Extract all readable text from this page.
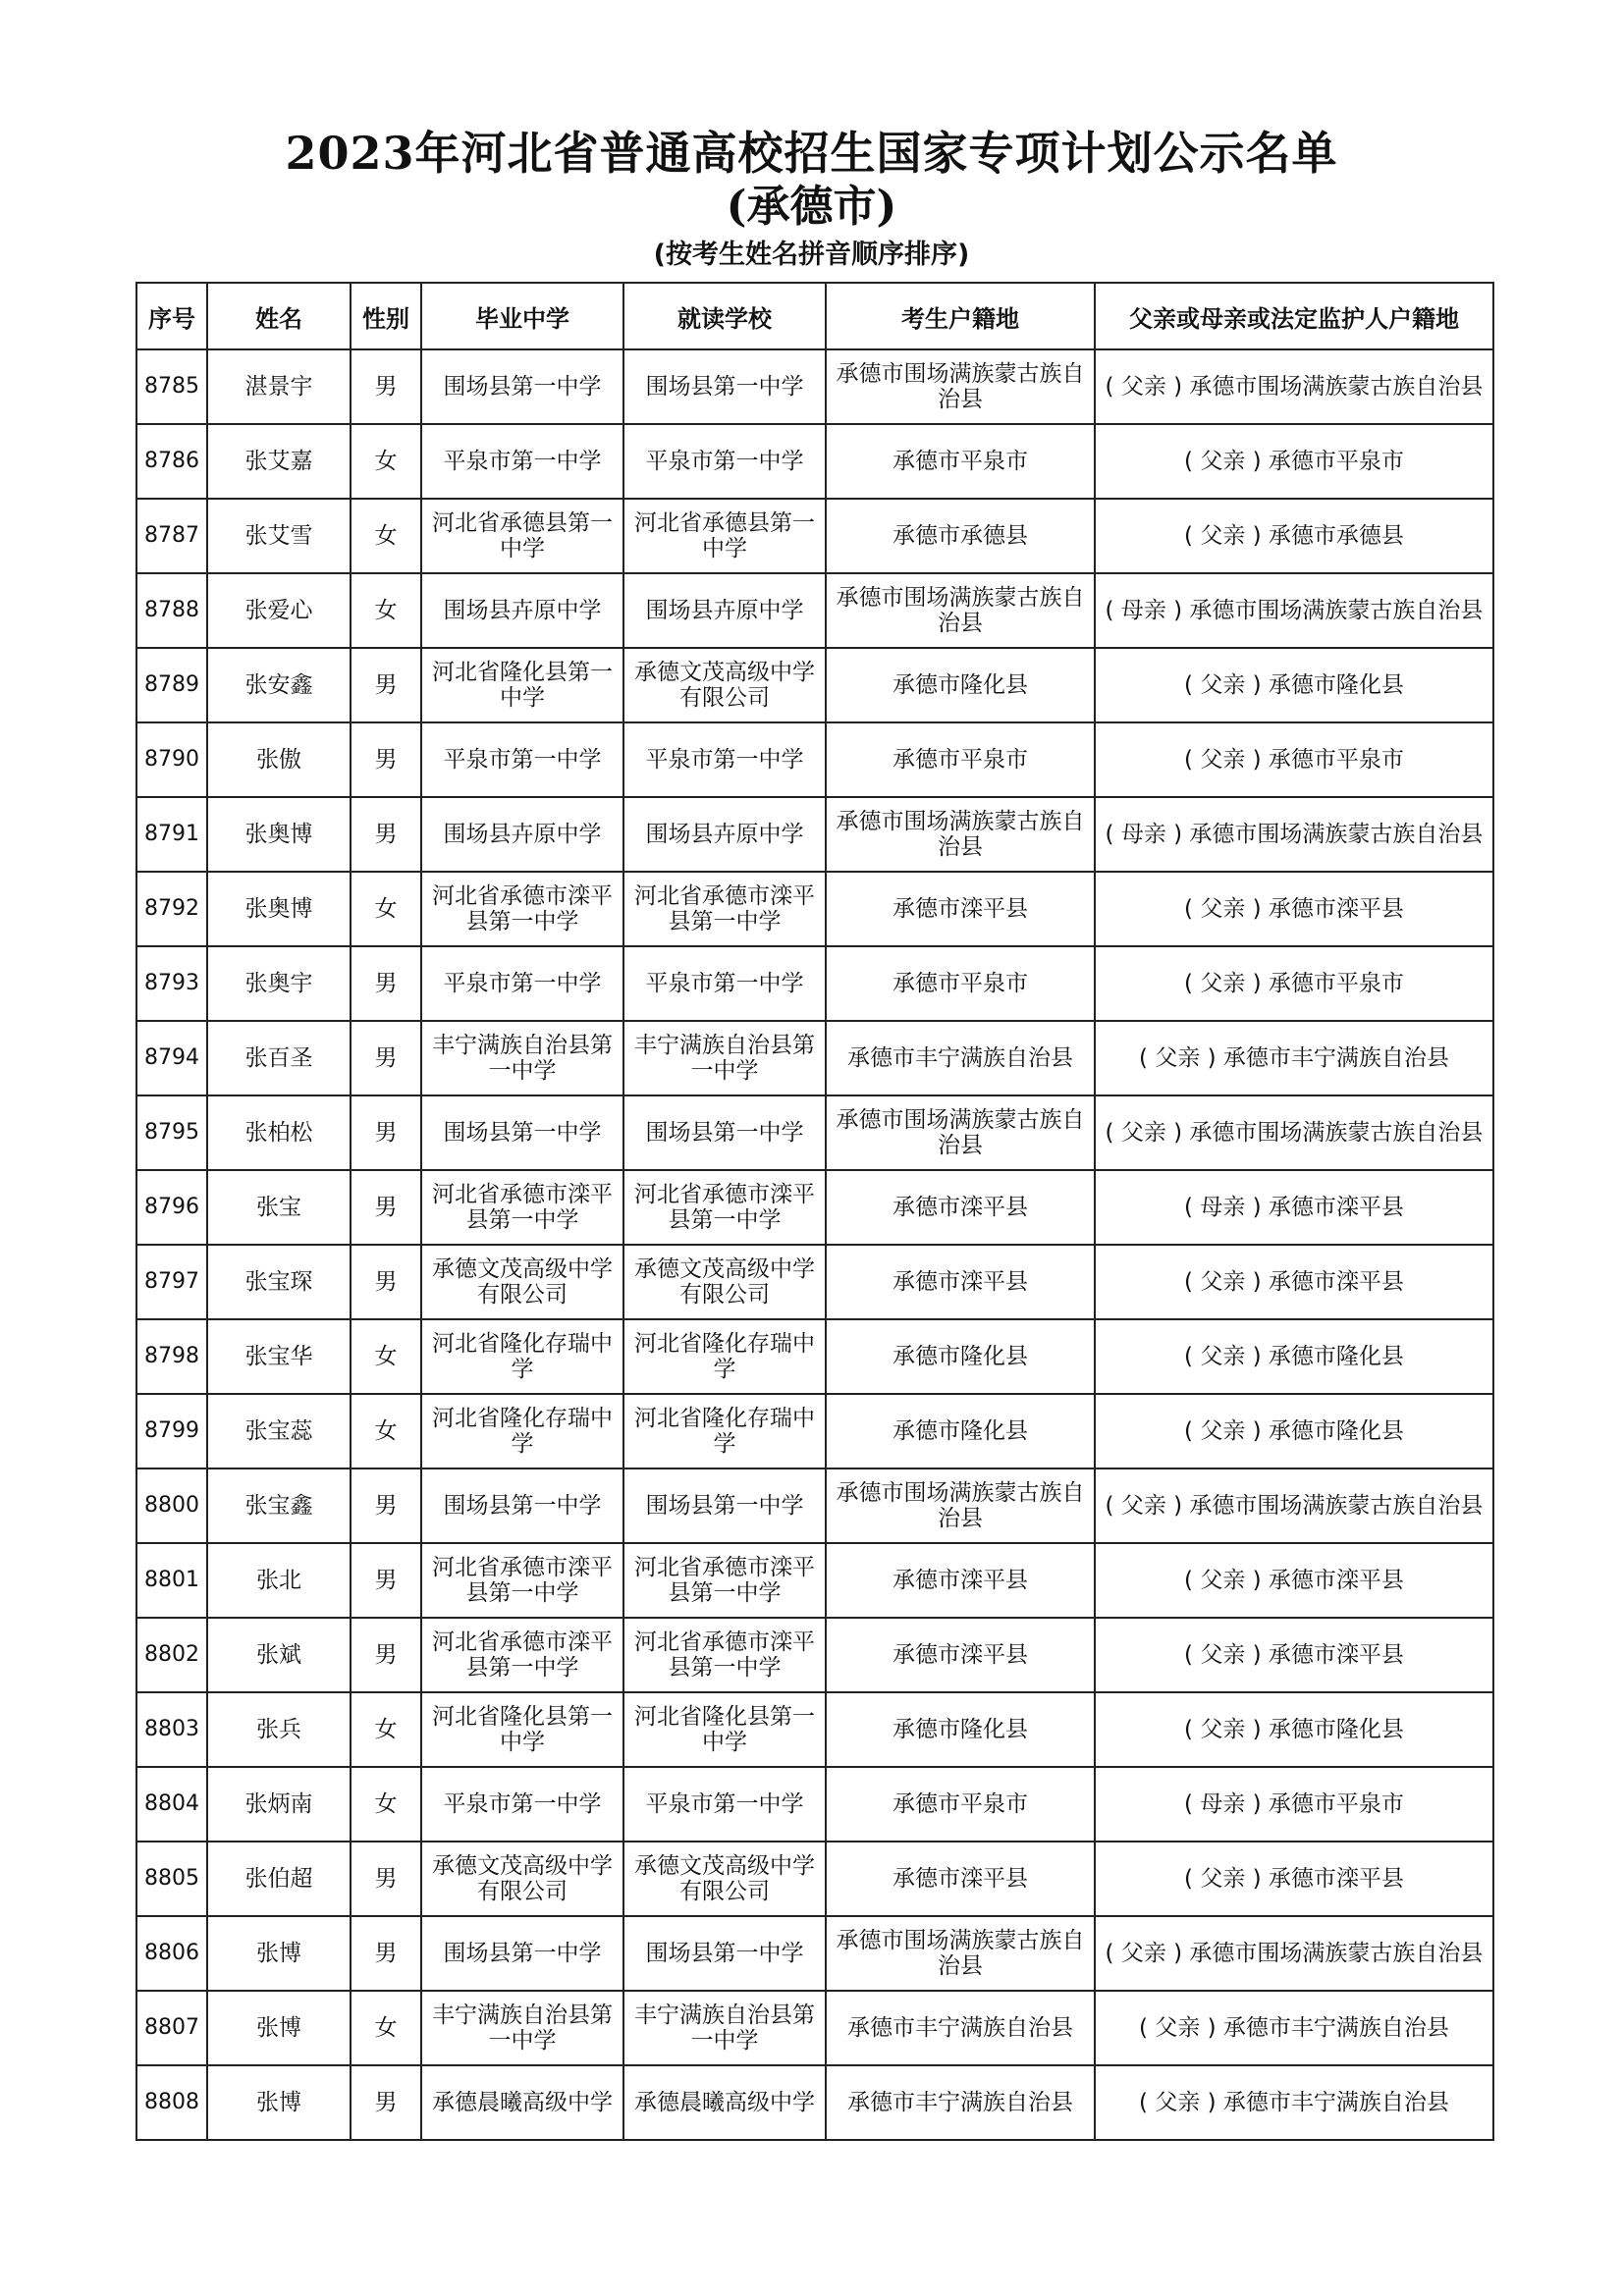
2023年河北省普通高校招生国家专项计划公示名单
(承德市)
(按考生姓名拼音顺序排序)
序号	姓名	性别	毕业中学	就读学校	考生户籍地	父亲或母亲或法定监护人户籍地
8785	湛景宇	男	围场县第一中学	围场县第一中学	承德市围场满族蒙古族自治县	( 父亲 ) 承德市围场满族蒙古族自治县
8786	张艾嘉	女	平泉市第一中学	平泉市第一中学	承德市平泉市	( 父亲 ) 承德市平泉市
8787	张艾雪	女	河北省承德县第一中学	河北省承德县第一中学	承德市承德县	( 父亲 ) 承德市承德县
8788	张爱心	女	围场县卉原中学	围场县卉原中学	承德市围场满族蒙古族自治县	( 母亲 ) 承德市围场满族蒙古族自治县
8789	张安鑫	男	河北省隆化县第一中学	承德文茂高级中学有限公司	承德市隆化县	( 父亲 ) 承德市隆化县
8790	张傲	男	平泉市第一中学	平泉市第一中学	承德市平泉市	( 父亲 ) 承德市平泉市
8791	张奥博	男	围场县卉原中学	围场县卉原中学	承德市围场满族蒙古族自治县	( 母亲 ) 承德市围场满族蒙古族自治县
8792	张奥博	女	河北省承德市滦平县第一中学	河北省承德市滦平县第一中学	承德市滦平县	( 父亲 ) 承德市滦平县
8793	张奥宇	男	平泉市第一中学	平泉市第一中学	承德市平泉市	( 父亲 ) 承德市平泉市
8794	张百圣	男	丰宁满族自治县第一中学	丰宁满族自治县第一中学	承德市丰宁满族自治县	( 父亲 ) 承德市丰宁满族自治县
8795	张柏松	男	围场县第一中学	围场县第一中学	承德市围场满族蒙古族自治县	( 父亲 ) 承德市围场满族蒙古族自治县
8796	张宝	男	河北省承德市滦平县第一中学	河北省承德市滦平县第一中学	承德市滦平县	( 母亲 ) 承德市滦平县
8797	张宝琛	男	承德文茂高级中学有限公司	承德文茂高级中学有限公司	承德市滦平县	( 父亲 ) 承德市滦平县
8798	张宝华	女	河北省隆化存瑞中学	河北省隆化存瑞中学	承德市隆化县	( 父亲 ) 承德市隆化县
8799	张宝蕊	女	河北省隆化存瑞中学	河北省隆化存瑞中学	承德市隆化县	( 父亲 ) 承德市隆化县
8800	张宝鑫	男	围场县第一中学	围场县第一中学	承德市围场满族蒙古族自治县	( 父亲 ) 承德市围场满族蒙古族自治县
8801	张北	男	河北省承德市滦平县第一中学	河北省承德市滦平县第一中学	承德市滦平县	( 父亲 ) 承德市滦平县
8802	张斌	男	河北省承德市滦平县第一中学	河北省承德市滦平县第一中学	承德市滦平县	( 父亲 ) 承德市滦平县
8803	张兵	女	河北省隆化县第一中学	河北省隆化县第一中学	承德市隆化县	( 父亲 ) 承德市隆化县
8804	张炳南	女	平泉市第一中学	平泉市第一中学	承德市平泉市	( 母亲 ) 承德市平泉市
8805	张伯超	男	承德文茂高级中学有限公司	承德文茂高级中学有限公司	承德市滦平县	( 父亲 ) 承德市滦平县
8806	张博	男	围场县第一中学	围场县第一中学	承德市围场满族蒙古族自治县	( 父亲 ) 承德市围场满族蒙古族自治县
8807	张博	女	丰宁满族自治县第一中学	丰宁满族自治县第一中学	承德市丰宁满族自治县	( 父亲 ) 承德市丰宁满族自治县
8808	张博	男	承德晨曦高级中学	承德晨曦高级中学	承德市丰宁满族自治县	( 父亲 ) 承德市丰宁满族自治县
